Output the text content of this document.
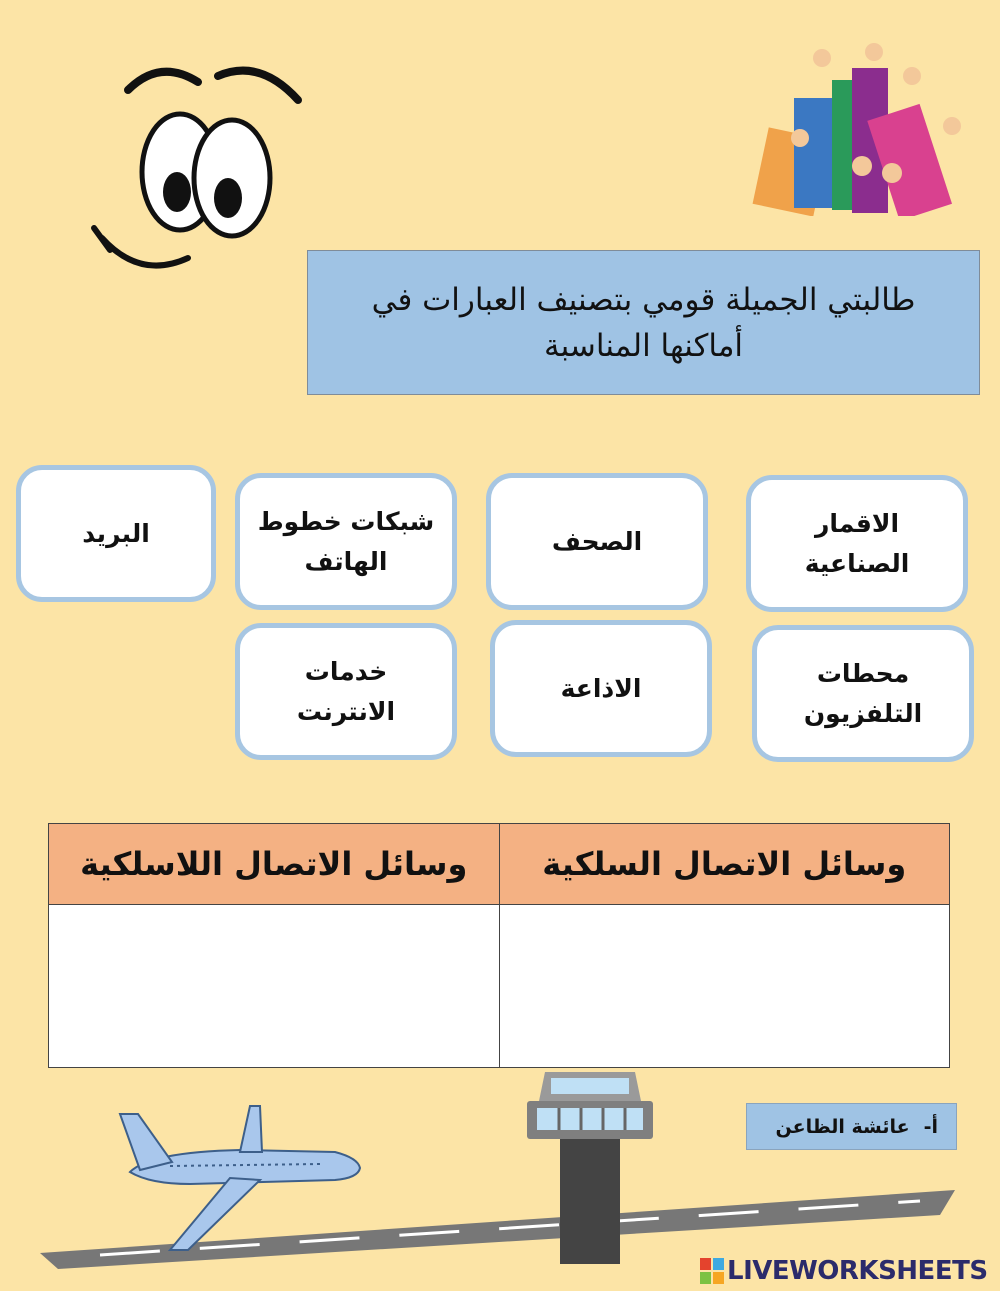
طالبتي الجميلة قومي بتصنيف العبارات في
أماكنها المناسبة
البريد	شبكات خطوط
الهاتف
الصحف
الاقمار
الصناعية
خدمات
الانترنت
الاذاعة
محطات
التلفزيون
وسائل الاتصال السلكية	وسائل الاتصال اللاسلكية

أ-
عائشة الظاعن
LIVEWORKSHEETS
